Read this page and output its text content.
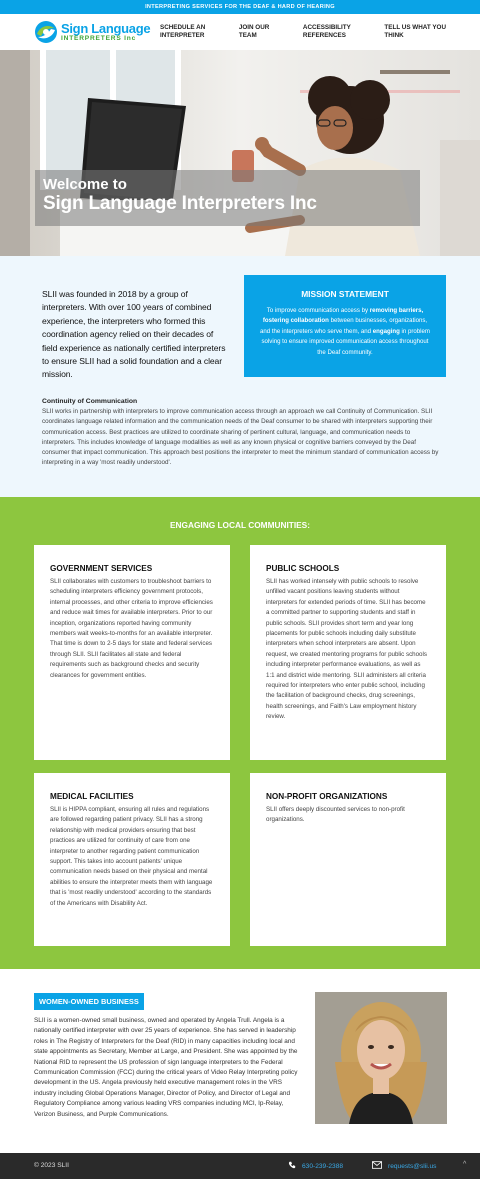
INTERPRETING SERVICES FOR THE DEAF & HARD OF HEARING
Sign Language
INTERPRETERS Inc
SCHEDULE AN
INTERPRETER
JOIN OUR
TEAM
ACCESSIBILITY
REFERENCES
TELL US WHAT YOU
THINK
Welcome to
Sign Language Interpreters Inc

SLII was founded in 2018 by a group of interpreters. With over 100 years of combined experience, the interpreters who formed this coordination agency relied on their decades of field experience as nationally certified interpreters to ensure SLII had a solid foundation and a clear mission.

MISSION STATEMENT

To improve communication access by removing barriers, fostering collaboration between businesses, organizations, and the interpreters who serve them, and engaging in problem solving to ensure improved communication access throughout the Deaf community.

Continuity of Communication

SLII works in partnership with interpreters to improve communication access through an approach we call Continuity of Communication. SLII coordinates language related information and the communication needs of the Deaf consumer to be shared with interpreters supporting their communication access. Best practices are utilized to coordinate sharing of pertinent cultural, language, and communication needs to interpreters. This includes knowledge of language modalities as well as any known physical or cognitive barriers conveyed by the Deaf consumer that impact communication. This approach best positions the interpreter to meet the minimum standard of communication access by interpreting in a way 'most readily understood'.

ENGAGING LOCAL COMMUNITIES:
GOVERNMENT SERVICES

SLII collaborates with customers to troubleshoot barriers to scheduling interpreters efficiency government protocols, internal processes, and other criteria to improve efficiencies and reduce wait times for available interpreters. Prior to our inception, organizations reported having community members wait weeks-to-months for an available interpreter. That time is down to 2-5 days for state and federal services through SLII. SLII facilitates all state and federal requirements such as background checks and security clearances for government entities.

PUBLIC SCHOOLS

SLII has worked intensely with public schools to resolve unfilled vacant positions leaving students without interpreters for extended periods of time. SLII has become a committed partner to supporting students and staff in public schools. SLII provides short term and year long placements for public schools including daily substitute interpreters when school interpreters are absent. Upon request, we created mentoring programs for public schools including interpreter performance evaluations, as well as 1:1 and district wide mentoring. SLII administers all criteria required for interpreters who enter public school, including the facilitation of background checks, drug screenings, health screenings, and Faith's Law employment history review.

MEDICAL FACILITIES

SLII is HIPPA compliant, ensuring all rules and regulations are followed regarding patient privacy. SLII has a strong relationship with medical providers ensuring that best practices are utilized for continuity of care from one interpreter to another regarding patient communication support. This takes into account patients' unique communication needs based on their physical and mental abilities to ensure the interpreter meets them with language that is 'most readily understood' according to the standards of the Americans with Disability Act.

NON-PROFIT ORGANIZATIONS

SLII offers deeply discounted services to non-profit organizations.

WOMEN-OWNED BUSINESS

SLII is a women-owned small business, owned and operated by Angela Trull. Angela is a nationally certified interpreter with over 25 years of experience. She has served in leadership roles in The Registry of Interpreters for the Deaf (RID) in many capacities including local and state appointments as Secretary, Member at Large, and President. She was appointed by the National RID to represent the US profession of sign language interpreters to the Federal Communication Commission (FCC) during the critical years of Video Relay Interpreting policy development in the US. Angela previously held executive management roles in the VRS industry including Global Operations Manager, Director of Policy, and Director of Legal and Regulatory Compliance among various leading VRS companies including MCI, Ip-Relay, Verizon Business, and Purple Communications.

© 2023 SLII	630-239-2388	requests@slii.us	^
